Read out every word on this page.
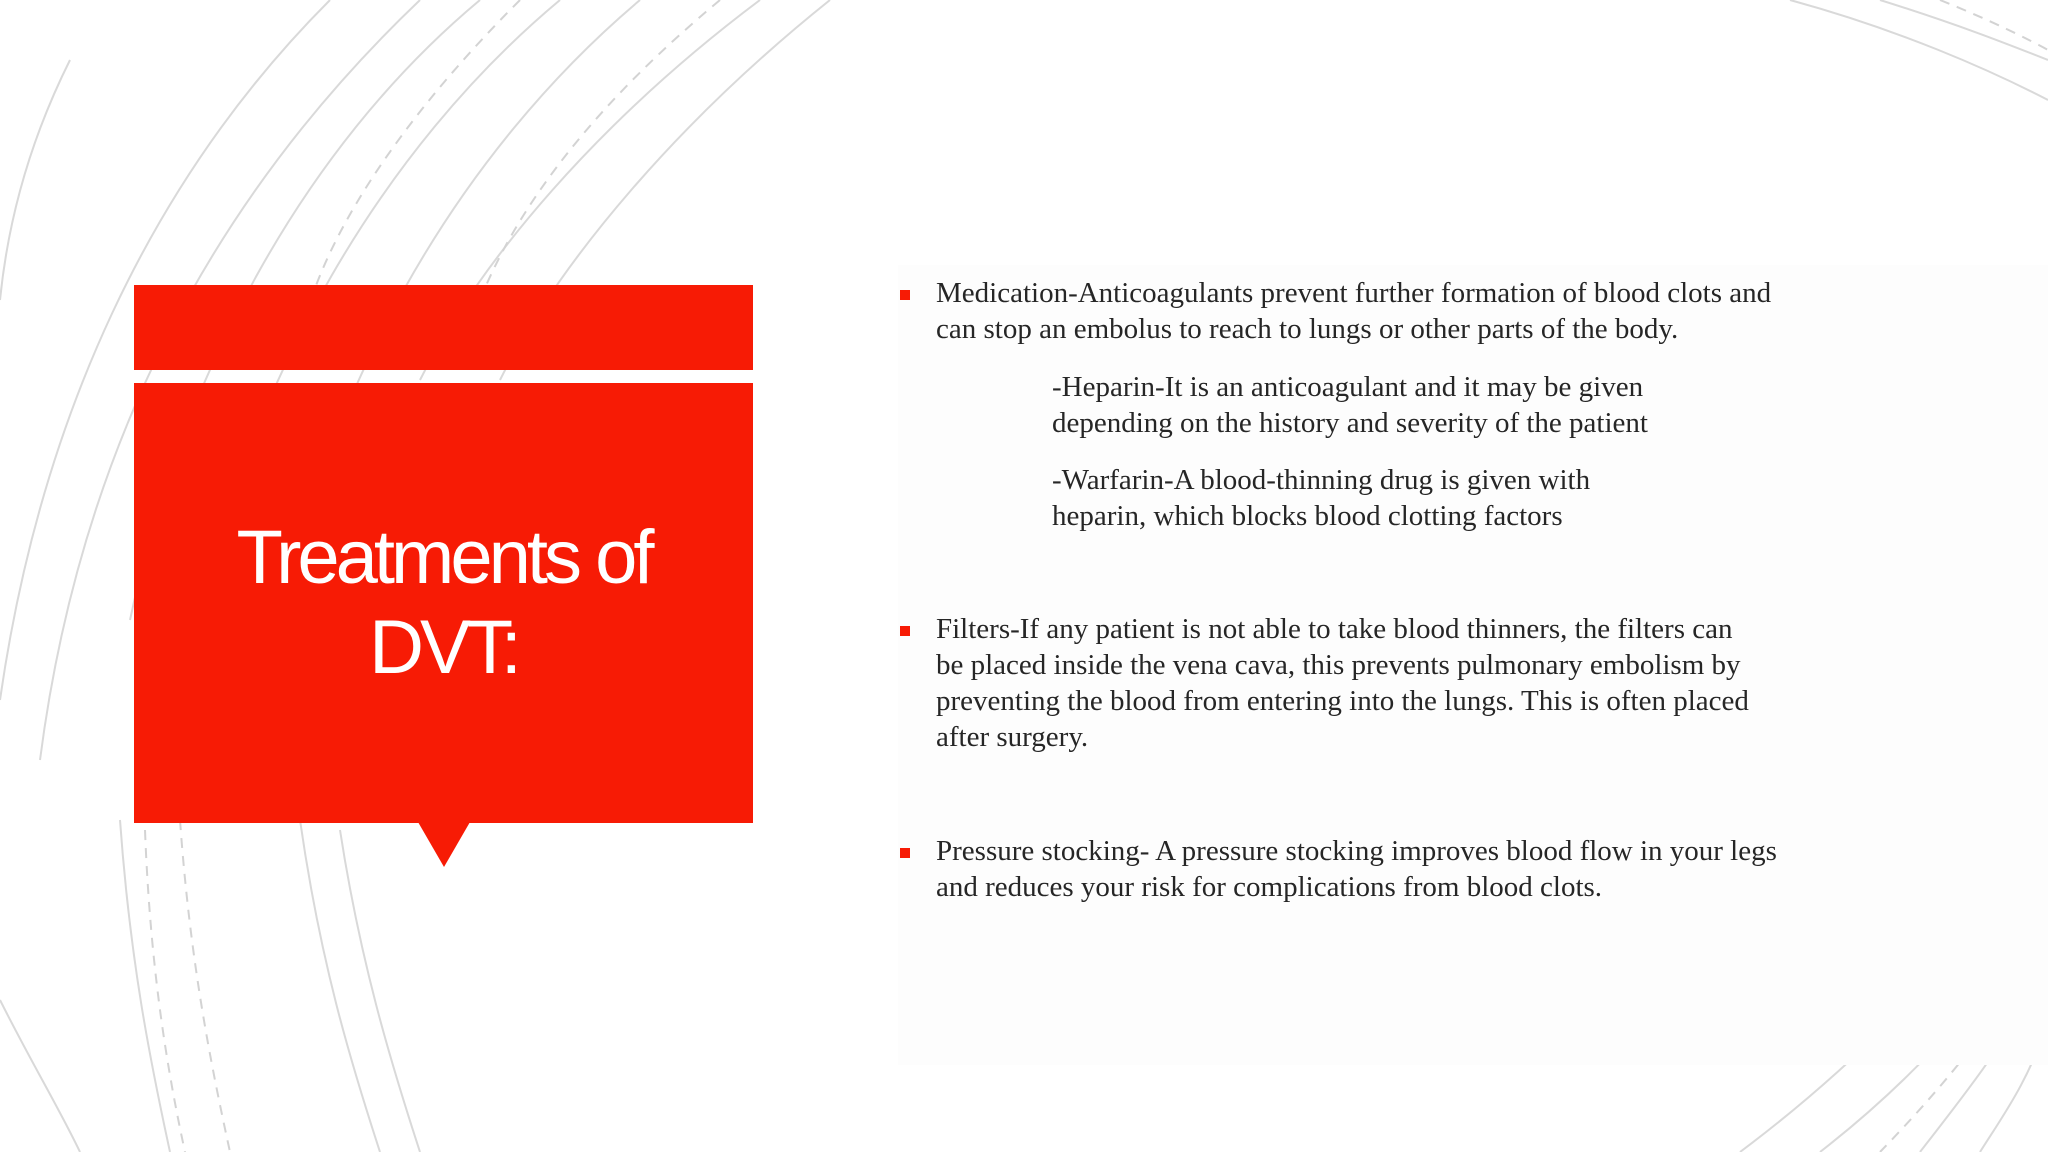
Treatments of
DVT:

Medication-Anticoagulants prevent further formation of blood clots and
can stop an embolus to reach to lungs or other parts of the body.

-Heparin-It is an anticoagulant and it may be given
depending on the history and severity of the patient

-Warfarin-A blood-thinning drug is given with
heparin, which blocks blood clotting factors

Filters-If any patient is not able to take blood thinners, the filters can
be placed inside the vena cava, this prevents pulmonary embolism by
preventing the blood from entering into the lungs. This is often placed
after surgery.

Pressure stocking- A pressure stocking improves blood flow in your legs
and reduces your risk for complications from blood clots.
